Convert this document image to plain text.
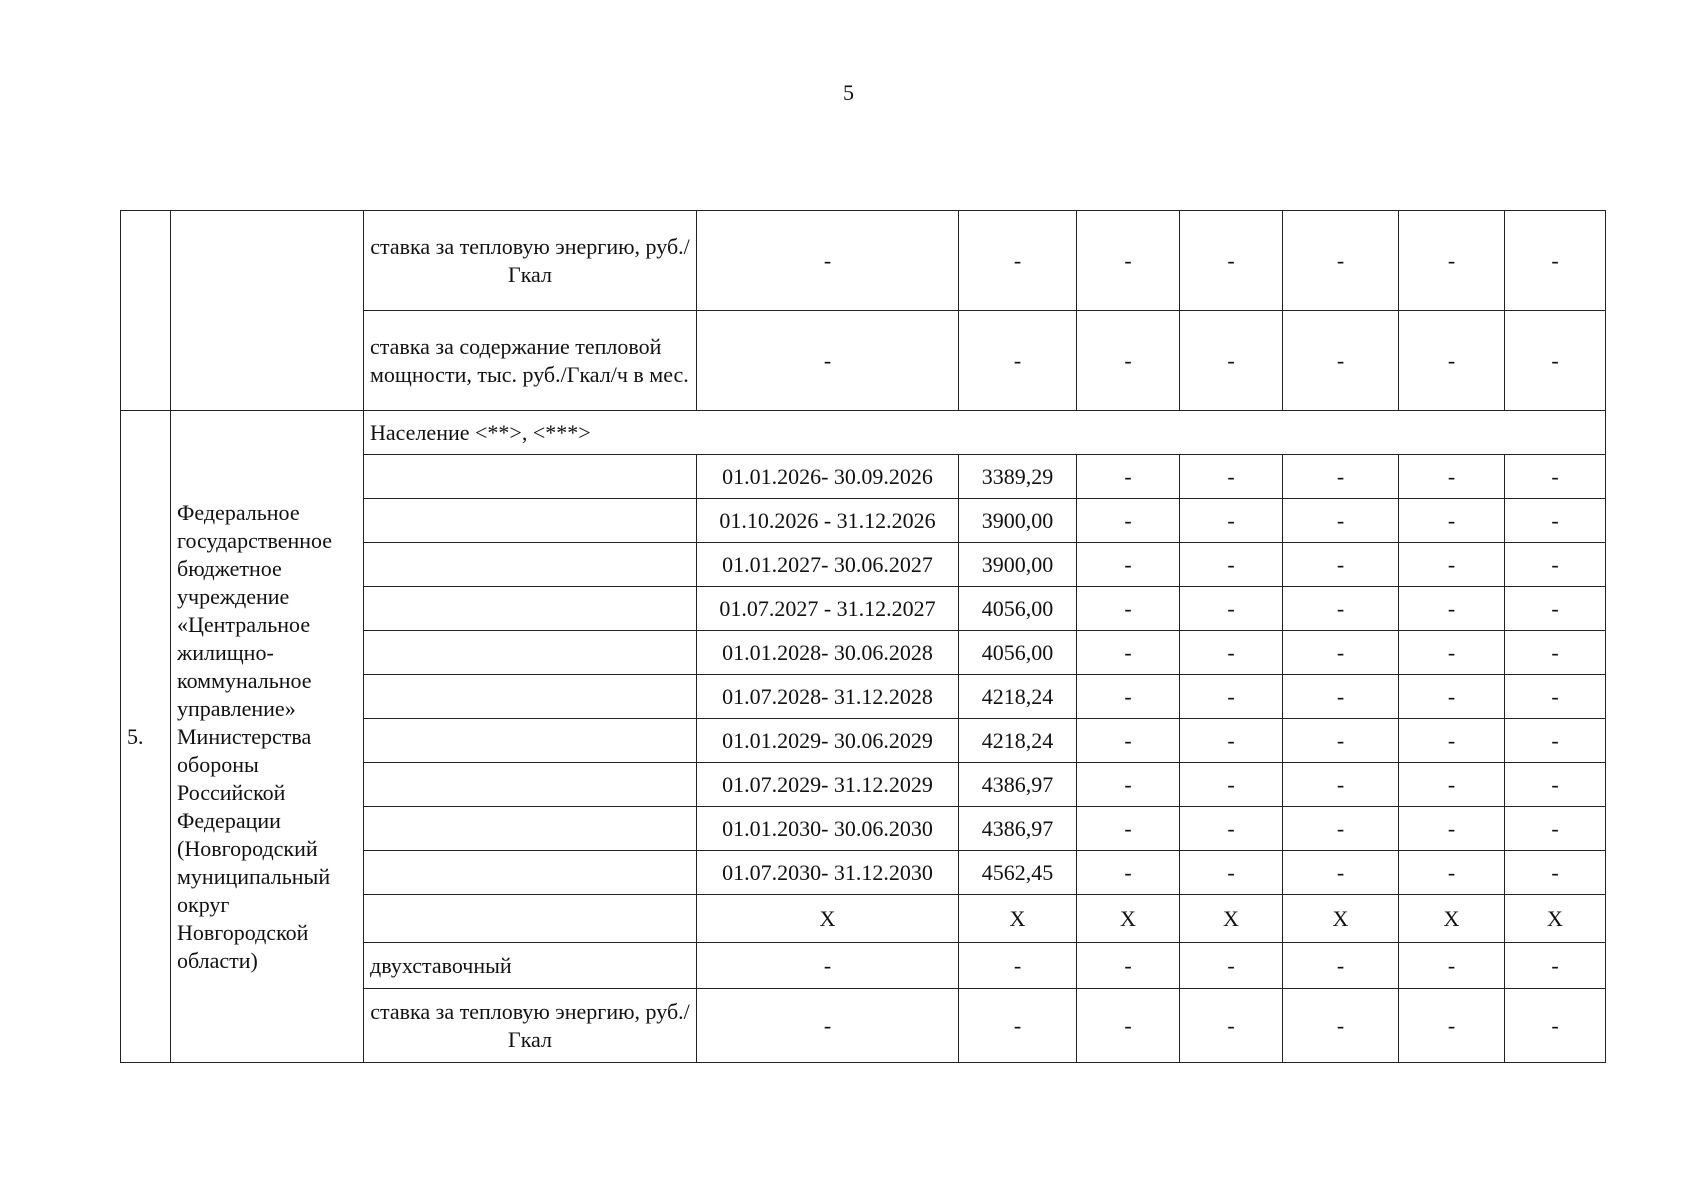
5
		ставка за тепловую энергию, руб./Гкал	-	-	-	-	-	-	-
		ставка за содержание тепловой мощности, тыс. руб./Гкал/ч в мес.	-	-	-	-	-	-	-
5.	Федеральное государственное бюджетное учреждение «Центральное жилищно-коммунальное управление» Министерства обороны Российской Федерации (Новгородский муниципальный округ Новгородской области)	Население <**>, <***>							
			01.01.2026- 30.09.2026	3389,29	-	-	-	-	-
			01.10.2026 - 31.12.2026	3900,00	-	-	-	-	-
			01.01.2027- 30.06.2027	3900,00	-	-	-	-	-
			01.07.2027 - 31.12.2027	4056,00	-	-	-	-	-
			01.01.2028- 30.06.2028	4056,00	-	-	-	-	-
			01.07.2028- 31.12.2028	4218,24	-	-	-	-	-
			01.01.2029- 30.06.2029	4218,24	-	-	-	-	-
			01.07.2029- 31.12.2029	4386,97	-	-	-	-	-
			01.01.2030- 30.06.2030	4386,97	-	-	-	-	-
			01.07.2030- 31.12.2030	4562,45	-	-	-	-	-
			X	X	X	X	X	X	X
		двухставочный	-	-	-	-	-	-	-
		ставка за тепловую энергию, руб./Гкал	-	-	-	-	-	-	-
